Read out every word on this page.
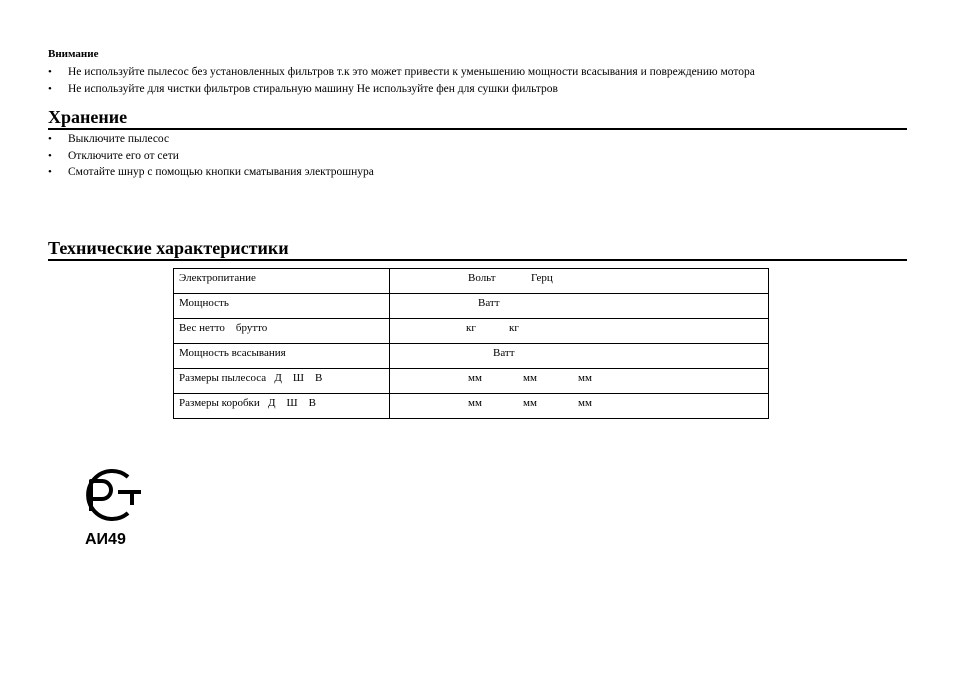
Внимание
• Не используйте пылесос без установленных фильтров т.к это может привести к уменьшению мощности всасывания и повреждению мотора
• Не используйте для чистки фильтров стиральную машину Не используйте фен для сушки фильтров
Хранение
• Выключите пылесос
• Отключите его от сети
• Смотайте шнур с помощью кнопки сматывания электрошнура
Технические характеристики
Электропитание	Вольт Герц

Мощность	Ватт

Вес нетто    брутто	кг кг

Мощность всасывания	Ватт

Размеры пылесоса   Д    Ш    В	мм мм мм

Размеры коробки   Д    Ш    В	мм мм мм
АИ49
